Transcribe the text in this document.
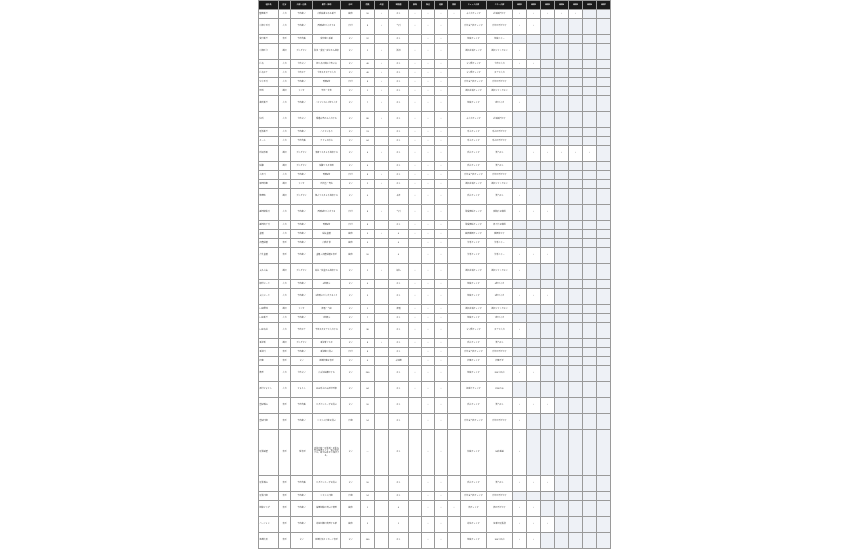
項目名	区分	内容・仕様	備考・説明	形式	桁数	必須	初期値	新規	照会	更新	削除	チェック内容	エラー内容	画面1	画面2	画面3	画面4	画面5	画面6	画面7
整理番号	入力	半角数字	自動採番される番号	数値	10	○	なし	○	○	○	○	未入力チェック	必須項目です	○	○	○	○	○		
申請年月日	入力	半角数字	西暦8桁で入力する	日付	8	○	当日	○	○	○		日付妥当性チェック	日付が不正です	○	○					
受付番号	表示	半角英数	受付時に採番	文字	12		なし		○	○		桁数チェック	桁数エラー							
申請区分	選択	プルダウン	新規・変更・廃止から選択	文字	2	○	新規	○	○	○		選択必須チェック	選択してください	○						
氏名	入力	全角文字	姓と名の間は全角空白	文字	40	○	なし	○	○	○		文字種チェック	全角で入力	○	○					
氏名カナ	入力	全角カナ	全角カタカナで入力	文字	40	○	なし	○	○	○		文字種チェック	カナで入力							
生年月日	入力	半角数字	西暦8桁	日付	8	○	なし	○	○	○		日付妥当性チェック	日付が不正です							
性別	選択	ラジオ	男性・女性	文字	1	○	なし	○	○	○		選択必須チェック	選択してください							
郵便番号	入力	半角数字	ハイフンなし7桁で入力	文字	7	○	なし	○	○	○		桁数チェック	7桁で入力	○						
住所	入力	全角文字	都道府県から入力する	文字	80	○	なし	○	○	○		未入力チェック	必須項目です							
電話番号	入力	半角数字	ハイフンあり	文字	13		なし	○	○	○		形式チェック	形式が不正です							
メール	入力	半角英数	アドレス形式	文字	64		なし	○	○	○		形式チェック	形式が不正です							
所属部署	選択	プルダウン	部署マスタより選択する	文字	6	○	なし	○	○	○		存在チェック	該当なし		○	○	○	○	○	
役職	選択	プルダウン	役職マスタ参照	文字	6		なし	○	○	○		存在チェック	該当なし							
入社日	入力	半角数字	西暦8桁	日付	8	○	なし	○	○	○		日付妥当性チェック	日付が不正です							
雇用形態	選択	ラジオ	正社員・契約	文字	2	○	なし	○	○	○		選択必須チェック	選択してください							
勤務地	選択	プルダウン	拠点マスタより選択する	文字	4		本社	○	○	○		存在チェック	該当なし	○						
適用開始日	入力	半角数字	西暦8桁で入力する	日付	8	○	当日	○	○	○		前後関係チェック	開始日を確認	○	○	○				
適用終了日	入力	半角数字	西暦8桁	日付	8		なし	○	○	○		前後関係チェック	終了日を確認							
金額	入力	半角数字	税抜金額	数値	9	○	0	○	○	○		数値範囲チェック	範囲外です							
消費税額	表示	半角数字	自動計算	数値	9		0		○	○		計算チェック	計算エラー							
合計金額	表示	半角数字	金額＋消費税額を表示	数値	10		0		○	○		計算チェック	計算エラー	○	○	○				
支払方法	選択	プルダウン	振込・現金から選択する	文字	2	○	振込	○	○	○		選択必須チェック	選択してください	○						
銀行コード	入力	半角数字	4桁固定	文字	4		なし	○	○	○		桁数チェック	4桁で入力							
支店コード	入力	半角数字	3桁固定で入力すること	文字	3		なし	○	○	○		桁数チェック	3桁で入力	○	○	○				
口座種別	選択	ラジオ	普通・当座	文字	1		普通	○	○	○		選択必須チェック	選択してください							
口座番号	入力	半角数字	7桁固定	文字	7		なし	○	○	○		桁数チェック	7桁で入力							
口座名義	入力	半角カナ	半角カタカナで入力する	文字	30		なし	○	○	○		文字種チェック	カナで入力	○						
承認者	選択	プルダウン	承認者マスタ	文字	8	○	なし	○	○	○		存在チェック	該当なし							
承認日	表示	半角数字	承認時に設定	日付	8		なし		○	○		日付妥当性チェック	日付が不正です							
状態	表示	文字	処理状態を表示	文字	4		未処理		○	○		状態チェック	状態不正							
備考	入力	全角文字	自由記述欄とする	文字	200		なし	○	○	○		桁数チェック	200字以内	○	○					
添付ファイル	入力	ファイル	PDF形式のみ添付可能	文字	64		なし	○	○	○		拡張子チェック	PDFのみ							
登録者ID	表示	半角英数	ログインユーザを設定	文字	10		なし		○	○		存在チェック	該当なし	○	○	○				
登録日時	表示	半角数字	システム日時を設定	日時	14		なし		○	○		日付妥当性チェック	日付が不正です	○						
更新履歴	表示	一覧表示	更新日時・更新者・更新内容を履歴として一覧に表示する。最大50件まで保持する。	文字	—		なし		○	○		件数チェック	50件超過	○						
更新者ID	表示	半角英数	ログインユーザを設定	文字	10		なし		○	○		存在チェック	該当なし	○	○	○				
更新日時	表示	半角数字	システム日時	日時	14		なし		○	○		日付妥当性チェック	日付が不正です							
削除フラグ	表示	半角数字	論理削除の判定に使用	数値	1		0		○	○	○	値チェック	値が不正です	○	○					
バージョン	表示	半角数字	排他制御に使用する値	数値	5		1		○	○		排他チェック	他者が更新済	○	○	○				
処理結果	表示	文字	処理結果メッセージ表示	文字	100		なし		○	○		桁数チェック	100字以内	○	○					
